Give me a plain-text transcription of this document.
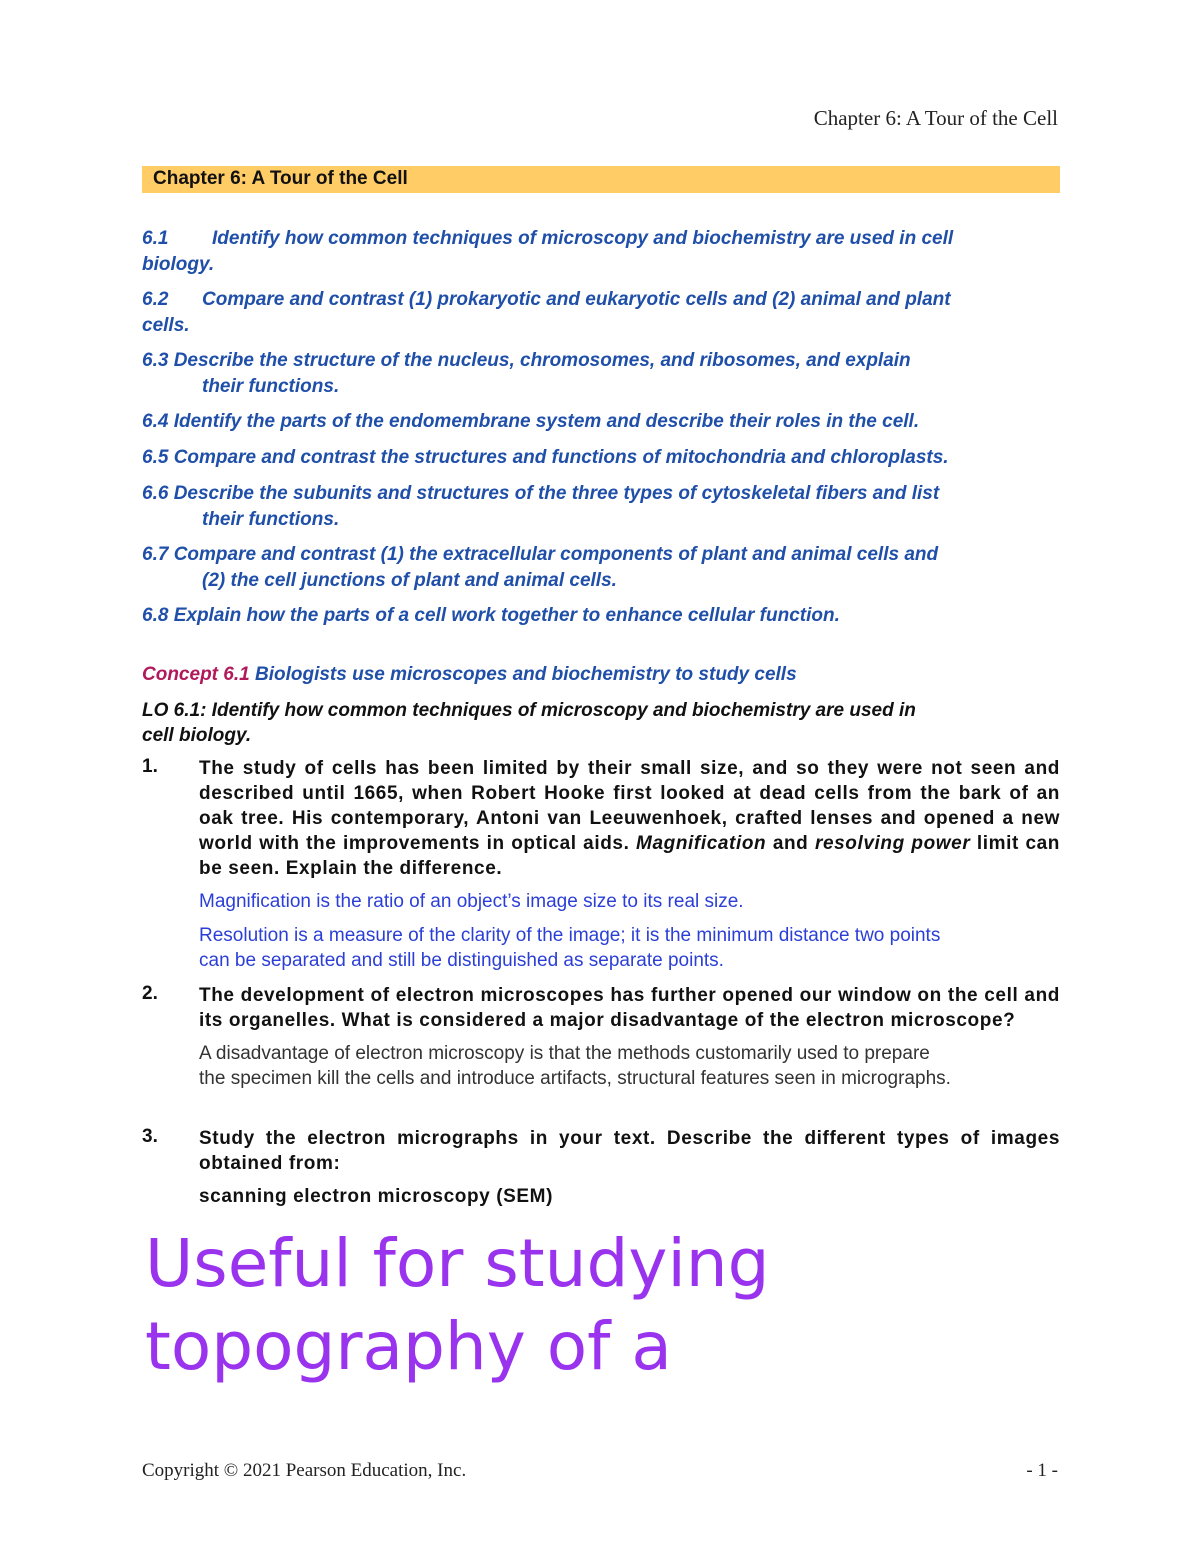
Chapter 6: A Tour of the Cell
Chapter 6: A Tour of the Cell

6.1 Identify how common techniques of microscopy and biochemistry are used in cell
biology.

6.2 Compare and contrast (1) prokaryotic and eukaryotic cells and (2) animal and plant
cells.

6.3 Describe the structure of the nucleus, chromosomes, and ribosomes, and explain
their functions.

6.4 Identify the parts of the endomembrane system and describe their roles in the cell.

6.5 Compare and contrast the structures and functions of mitochondria and chloroplasts.

6.6 Describe the subunits and structures of the three types of cytoskeletal fibers and list
their functions.

6.7 Compare and contrast (1) the extracellular components of plant and animal cells and
(2) the cell junctions of plant and animal cells.

6.8 Explain how the parts of a cell work together to enhance cellular function.

Concept 6.1 Biologists use microscopes and biochemistry to study cells
LO 6.1: Identify how common techniques of microscopy and biochemistry are used in
cell biology.
1. The study of cells has been limited by their small size, and so they were not seen and described until 1665, when Robert Hooke first looked at dead cells from the bark of an oak tree. His contemporary, Antoni van Leeuwenhoek, crafted lenses and opened a new world with the improvements in optical aids. Magnification and resolving power limit can be seen. Explain the difference.
Magnification is the ratio of an object’s image size to its real size.
Resolution is a measure of the clarity of the image; it is the minimum distance two points
can be separated and still be distinguished as separate points.
2. The development of electron microscopes has further opened our window on the cell and its organelles. What is considered a major disadvantage of the electron microscope?
A disadvantage of electron microscopy is that the methods customarily used to prepare
the specimen kill the cells and introduce artifacts, structural features seen in micrographs.
3. Study the electron micrographs in your text. Describe the different types of images obtained from:
scanning electron microscopy (SEM)
Useful for studying
topography of a
Copyright © 2021 Pearson Education, Inc.	- 1 -
